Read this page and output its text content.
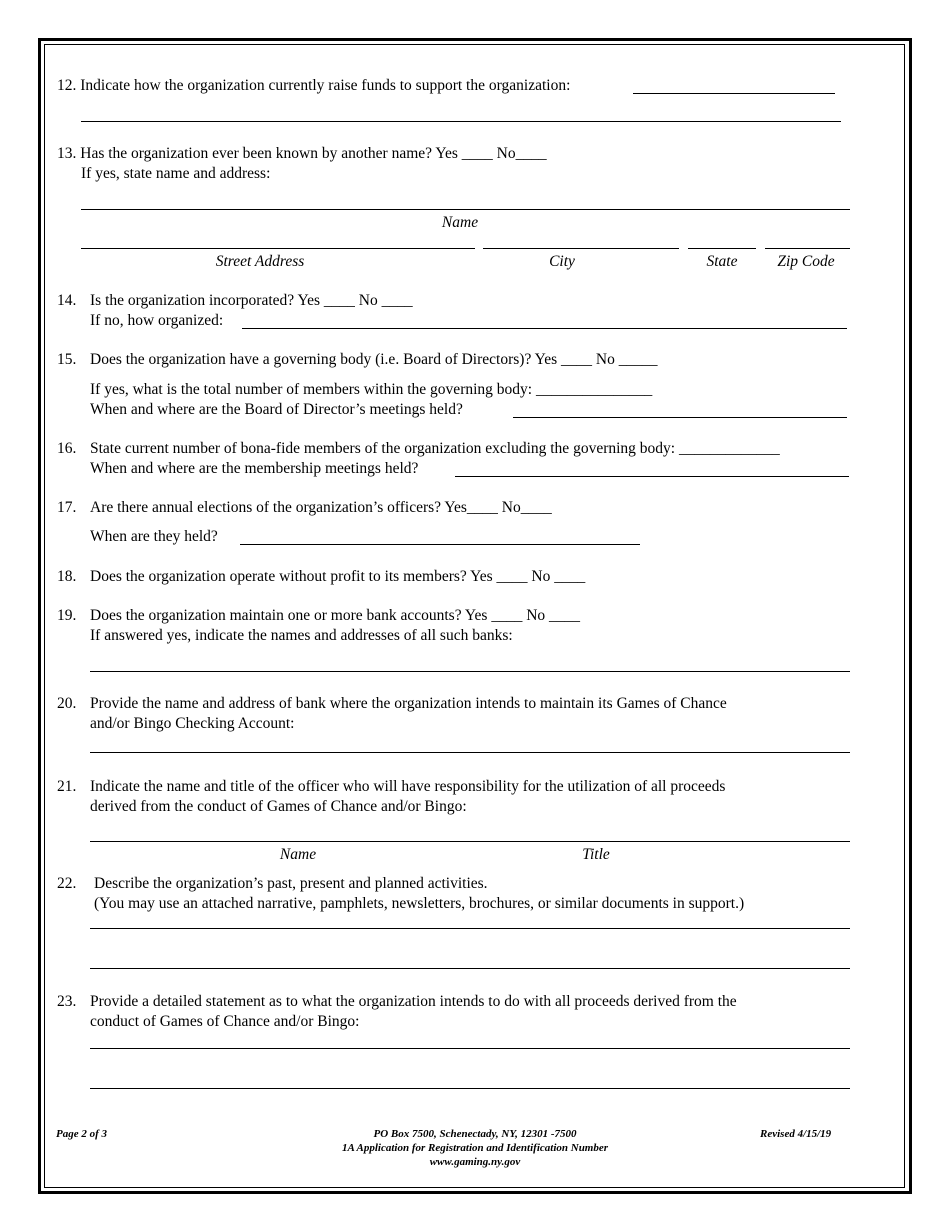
12. Indicate how the organization currently raise funds to support the organization:
13. Has the organization ever been known by another name? Yes ____ No____
If yes, state name and address:
Name
Street Address	City	State	Zip Code
14. Is the organization incorporated? Yes ____ No ____
If no, how organized:
15. Does the organization have a governing body (i.e. Board of Directors)? Yes ____ No _____
If yes, what is the total number of members within the governing body: _______________
When and where are the Board of Director’s meetings held?
16. State current number of bona-fide members of the organization excluding the governing body: _____________
When and where are the membership meetings held?
17. Are there annual elections of the organization’s officers? Yes____ No____
When are they held?
18. Does the organization operate without profit to its members? Yes ____ No ____
19. Does the organization maintain one or more bank accounts? Yes ____ No ____
If answered yes, indicate the names and addresses of all such banks:
20. Provide the name and address of bank where the organization intends to maintain its Games of Chance
and/or Bingo Checking Account:
21. Indicate the name and title of the officer who will have responsibility for the utilization of all proceeds
derived from the conduct of Games of Chance and/or Bingo:
Name	Title
22. Describe the organization’s past, present and planned activities.
(You may use an attached narrative, pamphlets, newsletters, brochures, or similar documents in support.)
23. Provide a detailed statement as to what the organization intends to do with all proceeds derived from the
conduct of Games of Chance and/or Bingo:
Page 2 of 3	PO Box 7500, Schenectady, NY, 12301 -7500
1A Application for Registration and Identification Number
www.gaming.ny.gov
Revised 4/15/19
